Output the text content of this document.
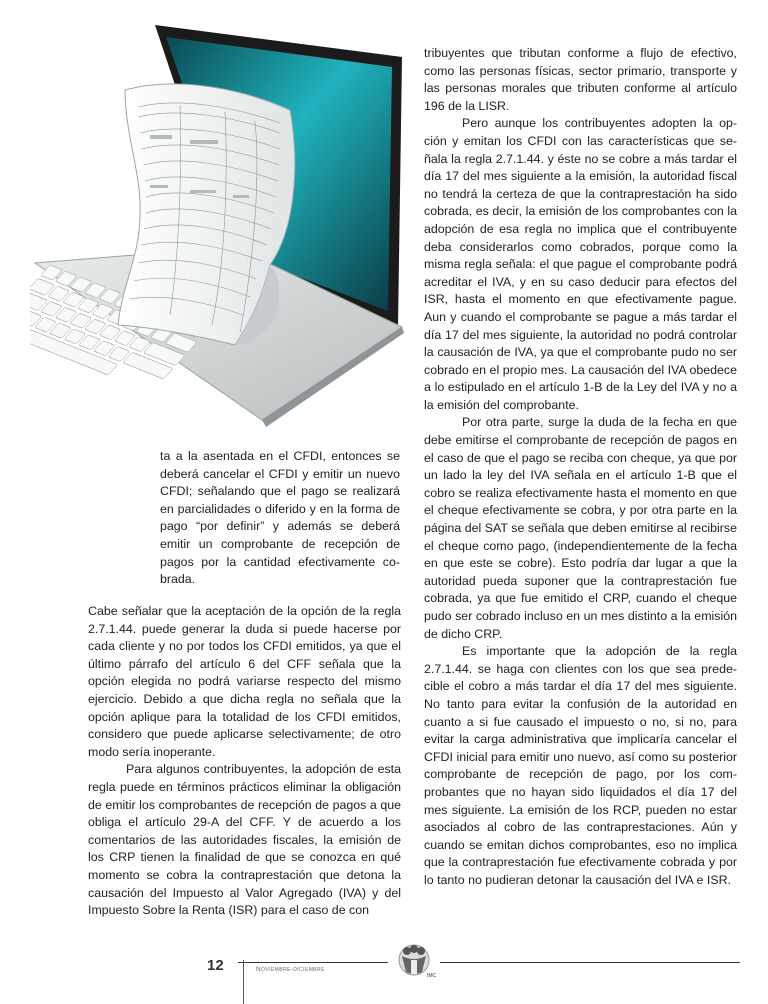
ta a la asentada en el CFDI, entonces se deberá cancelar el CFDI y emitir un nuevo CFDI; señalando que el pago se realizará en parcialidades o diferido y en la forma de pago “por definir” y además se deberá emitir un comprobante de recepción de pagos por la cantidad efectivamente cobrada.

Cabe señalar que la aceptación de la opción de la regla 2.7.1.44. puede generar la duda si puede hacerse por cada cliente y no por todos los CFDI emitidos, ya que el último párrafo del artículo 6 del CFF señala que la opción elegida no podrá variarse respecto del mismo ejercicio. Debido a que dicha regla no señala que la opción aplique para la totalidad de los CFDI emitidos, considero que puede aplicarse selectivamente; de otro modo sería inoperante.

Para algunos contribuyentes, la adopción de esta regla puede en términos prácticos eliminar la obligación de emitir los comprobantes de recepción de pagos a que obliga el artículo 29-A del CFF. Y de acuerdo a los comentarios de las autoridades fiscales, la emisión de los CRP tienen la finalidad de que se conozca en qué momento se cobra la contraprestación que detona la causación del Impuesto al Valor Agregado (IVA) y del Impuesto Sobre la Renta (ISR) para el caso de con

tribuyentes que tributan conforme a flujo de efectivo, como las personas físicas, sector primario, transporte y las personas morales que tributen conforme al artículo 196 de la LISR.

Pero aunque los contribuyentes adopten la opción y emitan los CFDI con las características que señala la regla 2.7.1.44. y éste no se cobre a más tardar el día 17 del mes siguiente a la emisión, la autoridad fiscal no tendrá la certeza de que la contraprestación ha sido cobrada, es decir, la emisión de los comprobantes con la adopción de esa regla no implica que el contribuyente deba considerarlos como cobrados, porque como la misma regla señala: el que pague el comprobante podrá acreditar el IVA, y en su caso deducir para efectos del ISR, hasta el momento en que efectivamente pague. Aun y cuando el comprobante se pague a más tardar el día 17 del mes siguiente, la autoridad no podrá controlar la causación de IVA, ya que el comprobante pudo no ser cobrado en el propio mes. La causación del IVA obedece a lo estipulado en el artículo 1-B de la Ley del IVA y no a la emisión del comprobante.

Por otra parte, surge la duda de la fecha en que debe emitirse el comprobante de recepción de pagos en el caso de que el pago se reciba con cheque, ya que por un lado la ley del IVA señala en el artículo 1-B que el cobro se realiza efectivamente hasta el momento en que el cheque efectivamente se cobra, y por otra parte en la página del SAT se señala que deben emitirse al recibirse el cheque como pago, (independientemente de la fecha en que este se cobre). Esto podría dar lugar a que la autoridad pueda suponer que la contraprestación fue cobrada, ya que fue emitido el CRP, cuando el cheque pudo ser cobrado incluso en un mes distinto a la emisión de dicho CRP.

Es importante que la adopción de la regla 2.7.1.44. se haga con clientes con los que sea predecible el cobro a más tardar el día 17 del mes siguiente. No tanto para evitar la confusión de la autoridad en cuanto a si fue causado el impuesto o no, si no, para evitar la carga administrativa que implicaría cancelar el CFDI inicial para emitir uno nuevo, así como su posterior comprobante de recepción de pago, por los comprobantes que no hayan sido liquidados el día 17 del mes siguiente. La emisión de los RCP, pueden no estar asociados al cobro de las contraprestaciones. Aún y cuando se emitan dichos comprobantes, eso no implica que la contraprestación fue efectivamente cobrada y por lo tanto no pudieran detonar la causación del IVA e ISR.

12	Noviembre-diciembre
IMC
